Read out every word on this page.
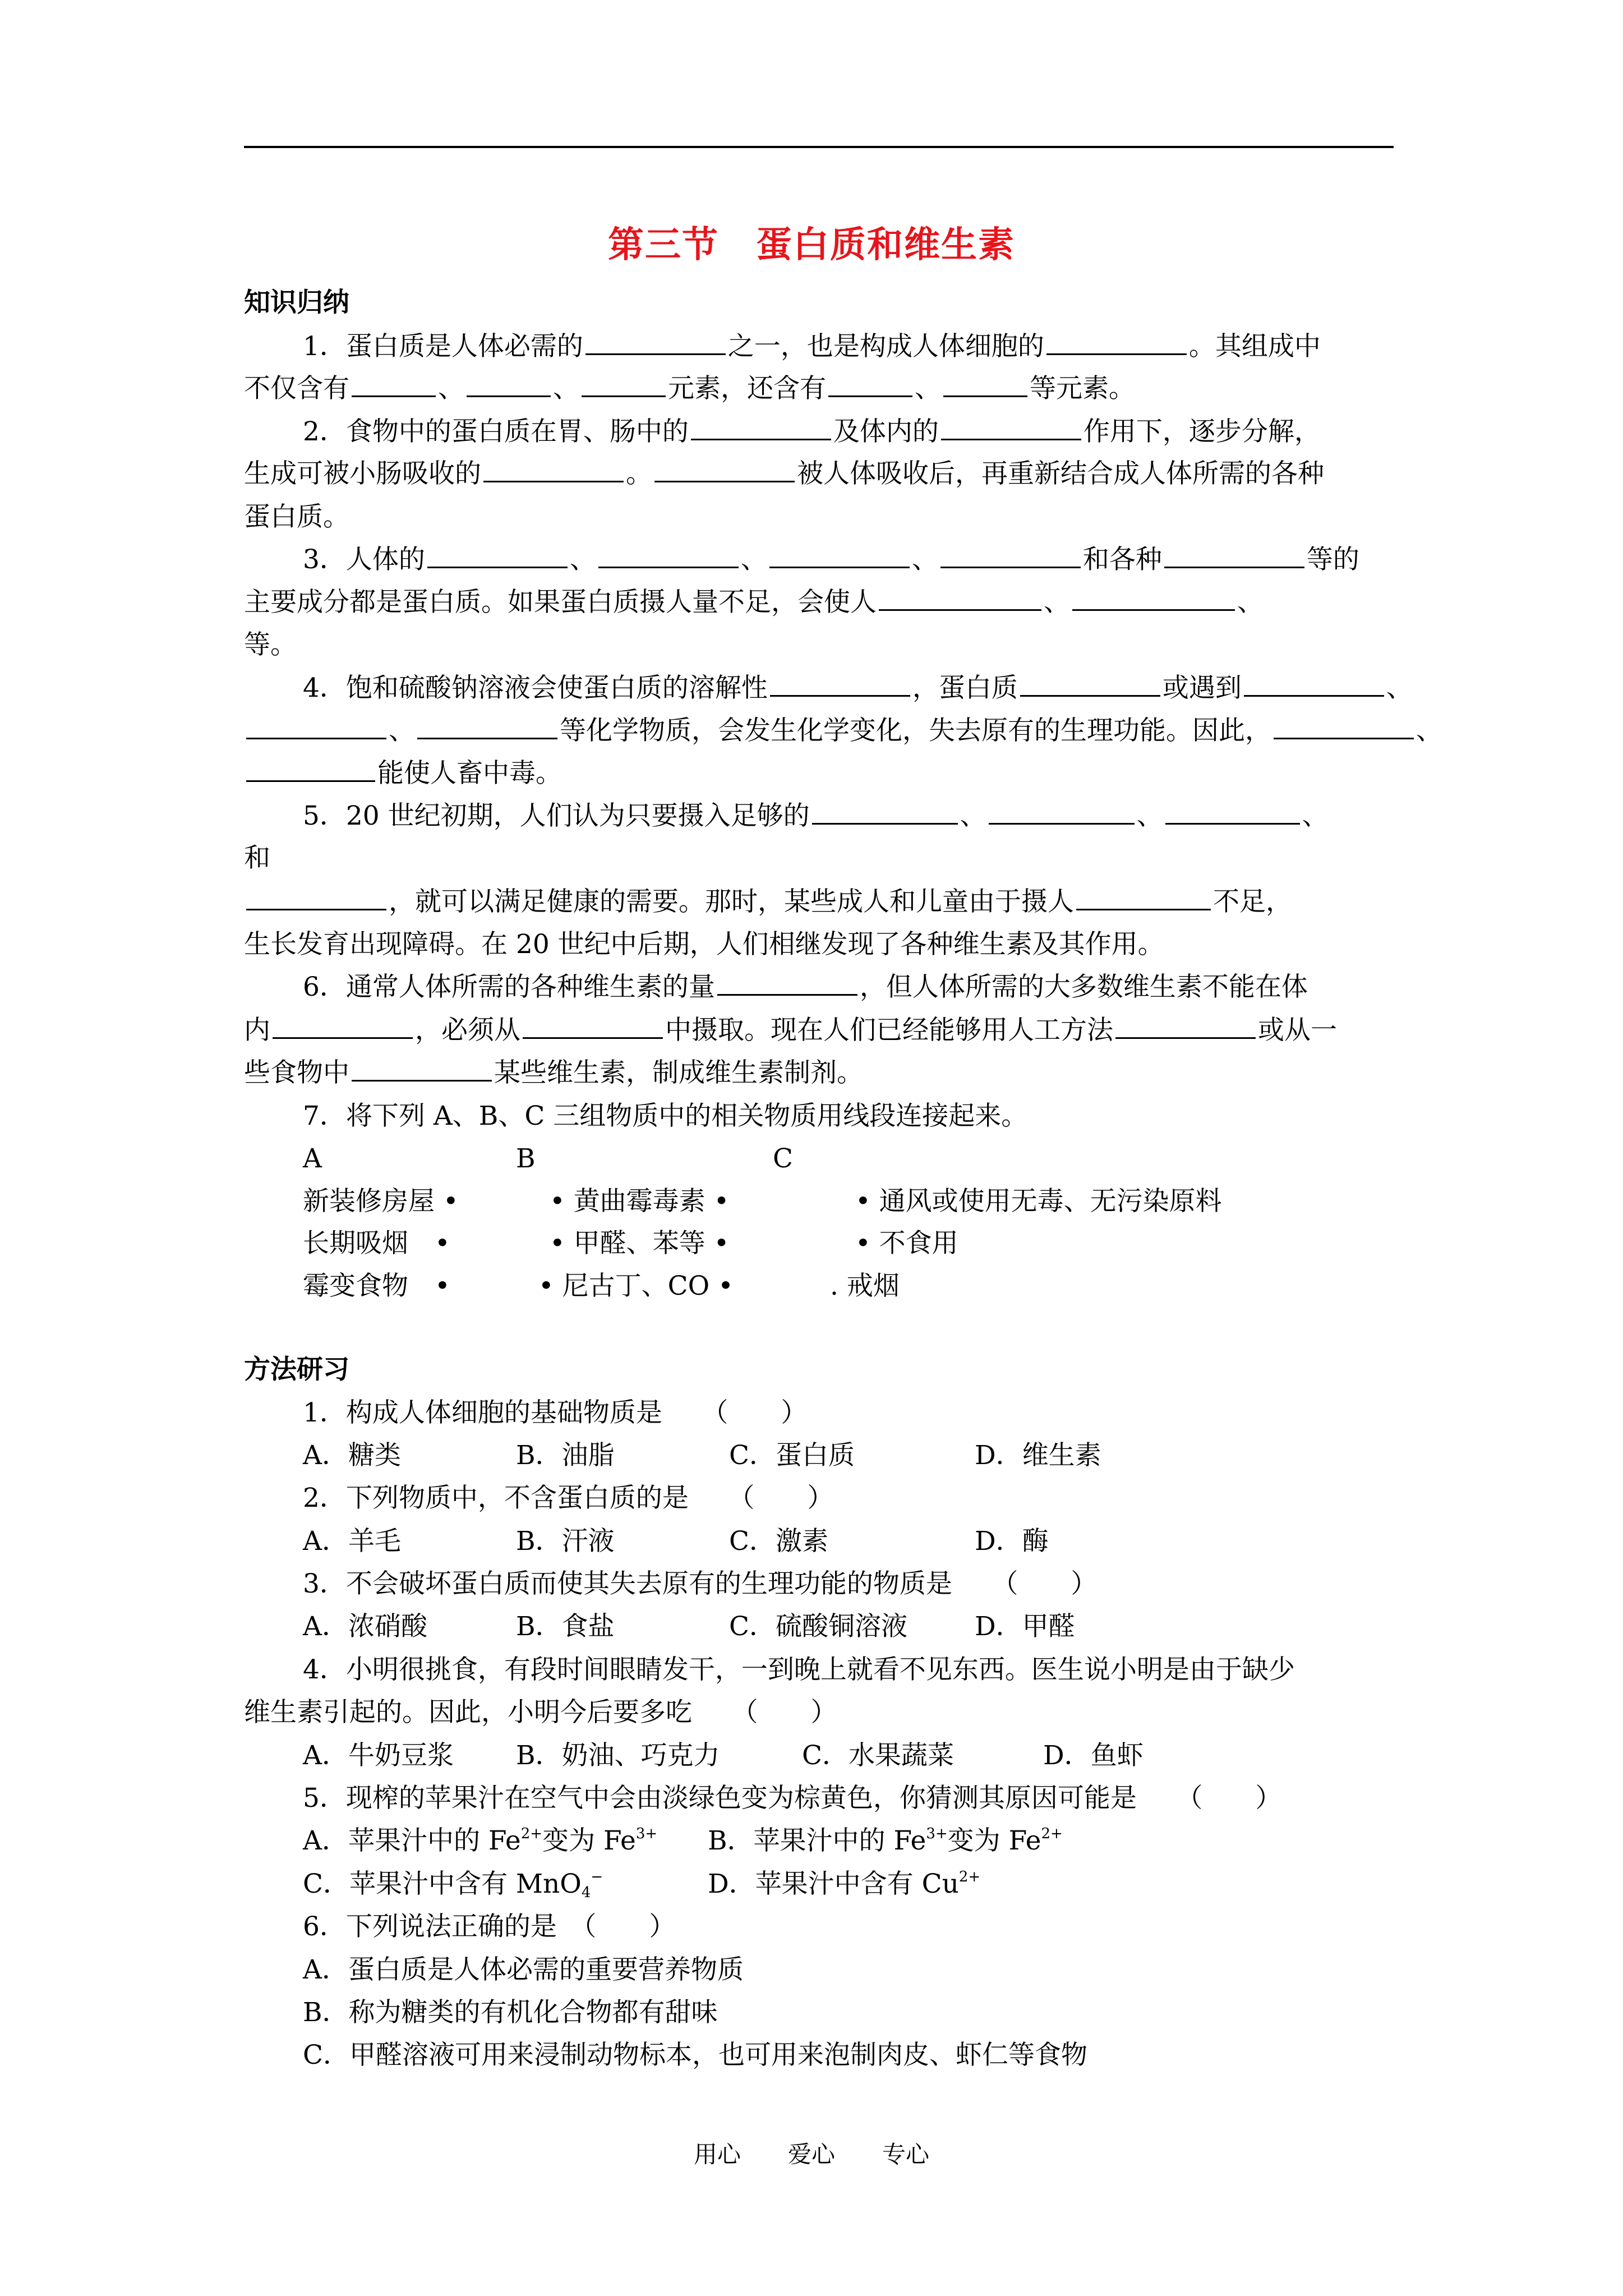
第三节　蛋白质和维生素
知识归纳
1．蛋白质是人体必需的	之一，也是构成人体细胞的	。其组成中
不仅含有	、	、	元素，还含有	、	等元素。
2．食物中的蛋白质在胃、肠中的	及体内的	作用下，逐步分解，
生成可被小肠吸收的	。	被人体吸收后，再重新结合成人体所需的各种
蛋白质。
3．人体的	、	、	、	和各种	等的
主要成分都是蛋白质。如果蛋白质摄人量不足，会使人	、	、
等。
4．饱和硫酸钠溶液会使蛋白质的溶解性	，蛋白质	或遇到	、
、	等化学物质，会发生化学变化，失去原有的生理功能。因此，	、
能使人畜中毒。
5．20 世纪初期，人们认为只要摄入足够的	、	、	、
和
，就可以满足健康的需要。那时，某些成人和儿童由于摄人	不足，
生长发育出现障碍。在 20 世纪中后期，人们相继发现了各种维生素及其作用。
6．通常人体所需的各种维生素的量	，但人体所需的大多数维生素不能在体
内	，必须从	中摄取。现在人们已经能够用人工方法	或从一
些食物中	某些维生素，制成维生素制剂。
7．将下列 A、B、C 三组物质中的相关物质用线段连接起来。
A	B	C
新装修房屋 •	• 黄曲霉毒素 •	• 通风或使用无毒、无污染原料
长期吸烟　•	• 甲醛、苯等 •	• 不食用
霉变食物　•	• 尼古丁、CO •	. 戒烟
方法研习
1．构成人体细胞的基础物质是　　（　　）
A．糖类	B．油脂	C．蛋白质	D．维生素
2．下列物质中，不含蛋白质的是　　（　　）
A．羊毛	B．汗液	C．激素	D．酶
3．不会破坏蛋白质而使其失去原有的生理功能的物质是　　（　　）
A．浓硝酸	B．食盐	C．硫酸铜溶液	D．甲醛
4．小明很挑食，有段时间眼睛发干，一到晚上就看不见东西。医生说小明是由于缺少
维生素引起的。因此，小明今后要多吃　　（　　）
A．牛奶豆浆 B．奶油、巧克力	C．水果蔬菜	D．鱼虾
5．现榨的苹果汁在空气中会由淡绿色变为棕黄色，你猜测其原因可能是　　（　　）
A．苹果汁中的 $Fe^{2+}$变为 $Fe^{3+}$ B．苹果汁中的 $Fe^{3+}$变为 $Fe^{2+}$
C．苹果汁中含有 MnO$_4$−	D．苹果汁中含有 $Cu^{2+}$
6．下列说法正确的是　（　　）
A．蛋白质是人体必需的重要营养物质
B．称为糖类的有机化合物都有甜味
C．甲醛溶液可用来浸制动物标本，也可用来泡制肉皮、虾仁等食物
用心　　爱心　　专心
